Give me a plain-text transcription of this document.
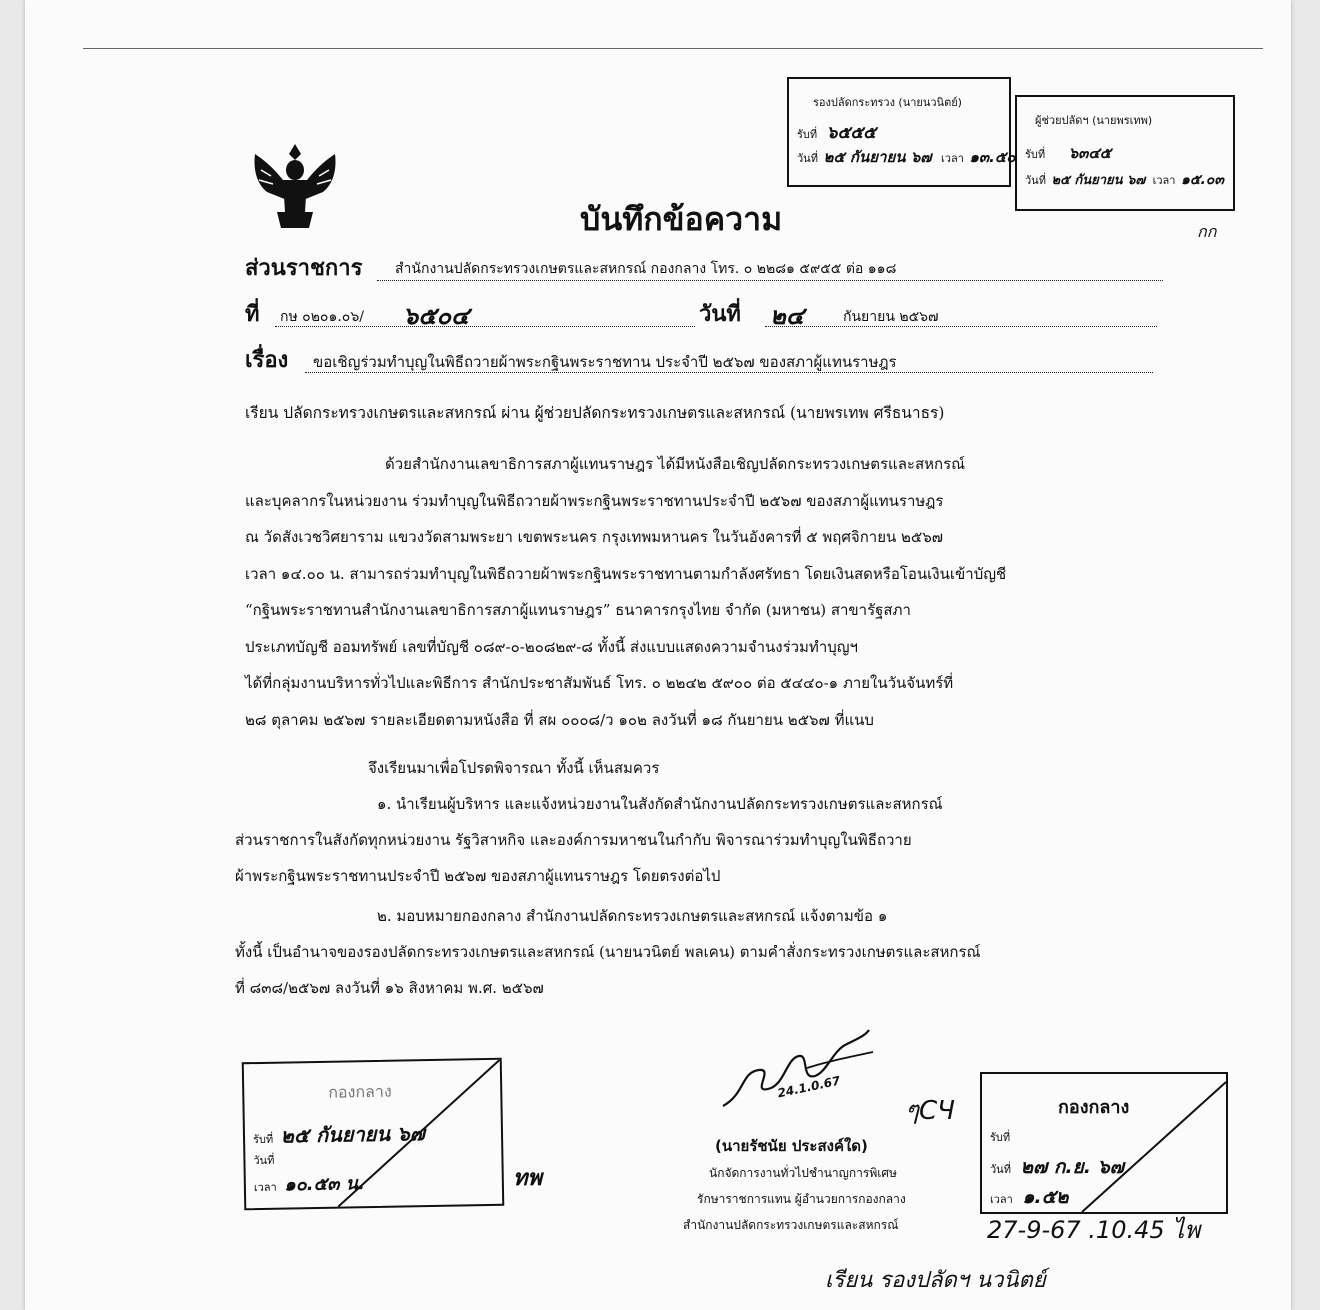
บันทึกข้อความ	กก
รองปลัดกระทรวง (นายนวนิตย์)
รับที่ ๖๕๕๕
วันที่ ๒๕ กันยายน ๖๗ เวลา ๑๓.๕๐
ผู้ช่วยปลัดฯ (นายพรเทพ)
รับที่ ๖๓๔๕
วันที่ ๒๕ กันยายน ๖๗ เวลา ๑๕.๐๓
ส่วนราชการ สำนักงานปลัดกระทรวงเกษตรและสหกรณ์ กองกลาง โทร. ๐ ๒๒๘๑ ๕๙๕๕ ต่อ ๑๑๘
ที่ กษ ๐๒๐๑.๐๖/ ๖๕๐๔	วันที่ ๒๔	กันยายน ๒๕๖๗
เรื่อง ขอเชิญร่วมทำบุญในพิธีถวายผ้าพระกฐินพระราชทาน ประจำปี ๒๕๖๗ ของสภาผู้แทนราษฎร
เรียน ปลัดกระทรวงเกษตรและสหกรณ์ ผ่าน ผู้ช่วยปลัดกระทรวงเกษตรและสหกรณ์ (นายพรเทพ ศรีธนาธร)
ด้วยสำนักงานเลขาธิการสภาผู้แทนราษฎร ได้มีหนังสือเชิญปลัดกระทรวงเกษตรและสหกรณ์
และบุคลากรในหน่วยงาน ร่วมทำบุญในพิธีถวายผ้าพระกฐินพระราชทานประจำปี ๒๕๖๗ ของสภาผู้แทนราษฎร
ณ วัดสังเวชวิศยาราม แขวงวัดสามพระยา เขตพระนคร กรุงเทพมหานคร ในวันอังคารที่ ๕ พฤศจิกายน ๒๕๖๗
เวลา ๑๔.๐๐ น. สามารถร่วมทำบุญในพิธีถวายผ้าพระกฐินพระราชทานตามกำลังศรัทธา โดยเงินสดหรือโอนเงินเข้าบัญชี
“กฐินพระราชทานสำนักงานเลขาธิการสภาผู้แทนราษฎร” ธนาคารกรุงไทย จำกัด (มหาชน) สาขารัฐสภา
ประเภทบัญชี ออมทรัพย์ เลขที่บัญชี ๐๘๙-๐-๒๐๘๒๙-๘ ทั้งนี้ ส่งแบบแสดงความจำนงร่วมทำบุญฯ
ได้ที่กลุ่มงานบริหารทั่วไปและพิธีการ สำนักประชาสัมพันธ์ โทร. ๐ ๒๒๔๒ ๕๙๐๐ ต่อ ๕๔๔๐-๑ ภายในวันจันทร์ที่
๒๘ ตุลาคม ๒๕๖๗ รายละเอียดตามหนังสือ ที่ สผ ๐๐๐๘/ว ๑๐๒ ลงวันที่ ๑๘ กันยายน ๒๕๖๗ ที่แนบ
จึงเรียนมาเพื่อโปรดพิจารณา ทั้งนี้ เห็นสมควร
๑. นำเรียนผู้บริหาร และแจ้งหน่วยงานในสังกัดสำนักงานปลัดกระทรวงเกษตรและสหกรณ์
ส่วนราชการในสังกัดทุกหน่วยงาน รัฐวิสาหกิจ และองค์การมหาชนในกำกับ พิจารณาร่วมทำบุญในพิธีถวาย
ผ้าพระกฐินพระราชทานประจำปี ๒๕๖๗ ของสภาผู้แทนราษฎร โดยตรงต่อไป
๒. มอบหมายกองกลาง สำนักงานปลัดกระทรวงเกษตรและสหกรณ์ แจ้งตามข้อ ๑
ทั้งนี้ เป็นอำนาจของรองปลัดกระทรวงเกษตรและสหกรณ์ (นายนวนิตย์ พลเคน) ตามคำสั่งกระทรวงเกษตรและสหกรณ์
ที่ ๘๓๘/๒๕๖๗ ลงวันที่ ๑๖ สิงหาคม พ.ศ. ๒๕๖๗
กองกลาง
รับที่ ๒๕ กันยายน ๖๗
วันที่
เวลา ๑๐.๕๓ น.	ทพ
24.1.0.67
ๆCЧ
(นายรัชนัย ประสงค์ใด)
นักจัดการงานทั่วไปชำนาญการพิเศษ
รักษาราชการแทน ผู้อำนวยการกองกลาง
สำนักงานปลัดกระทรวงเกษตรและสหกรณ์
กองกลาง
รับที่
วันที่ ๒๗ ก.ย. ๖๗
เวลา ๑.๕๒
27-9-67 .10.45 ไพ
เรียน รองปลัดฯ นวนิตย์
